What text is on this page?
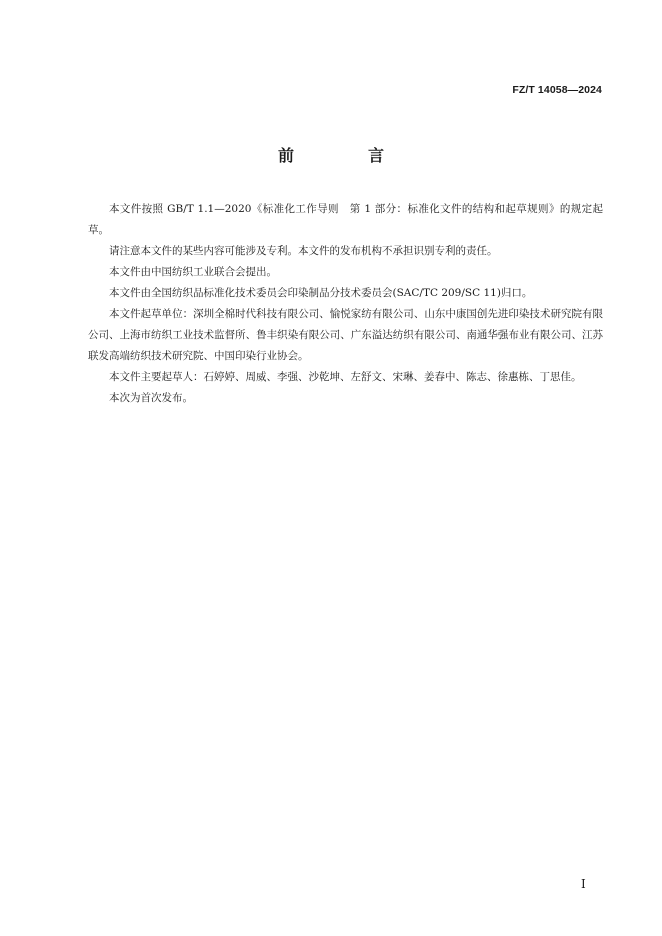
FZ/T 14058—2024
前　言

本文件按照 GB/T 1.1—2020《标准化工作导则　第 1 部分：标准化文件的结构和起草规则》的规定起草。

请注意本文件的某些内容可能涉及专利。本文件的发布机构不承担识别专利的责任。

本文件由中国纺织工业联合会提出。

本文件由全国纺织品标准化技术委员会印染制品分技术委员会(SAC/TC 209/SC 11)归口。

本文件起草单位：深圳全棉时代科技有限公司、愉悦家纺有限公司、山东中康国创先进印染技术研究院有限公司、上海市纺织工业技术监督所、鲁丰织染有限公司、广东溢达纺织有限公司、南通华强布业有限公司、江苏联发高端纺织技术研究院、中国印染行业协会。

本文件主要起草人：石婷婷、周威、李强、沙乾坤、左舒文、宋琳、姜春中、陈志、徐惠栋、丁思佳。

本次为首次发布。

I
